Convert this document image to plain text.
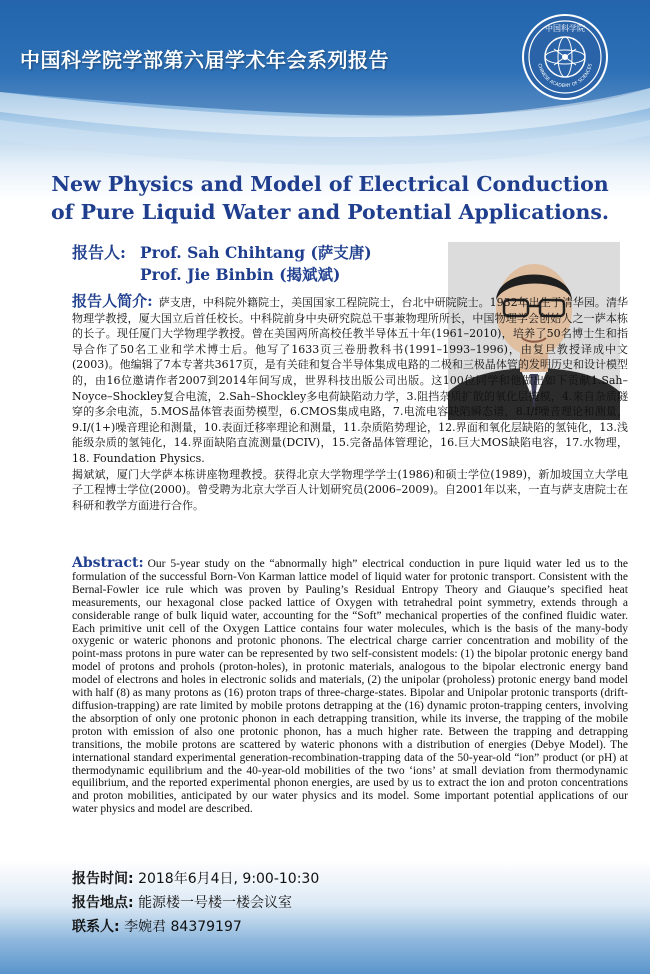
中国科学院学部第六届学术年会系列报告
中国科学院
CHINESE ACADEMY OF SCIENCES
New Physics and Model of Electrical Conduction
of Pure Liquid Water and Potential Applications.
报告人: Prof. Sah Chihtang (萨支唐)
Prof. Jie Binbin (揭斌斌)

报告人简介: 萨支唐，中科院外籍院士，美国国家工程院院士，台北中研院院士。1932年出生于清华园。清华物理学教授，厦大国立后首任校长。中科院前身中央研究院总干事兼物理所所长，中国物理学会创始人之一萨本栋的长子。现任厦门大学物理学教授。曾在美国两所高校任教半导体五十年(1961–2010)，培养了50名博士生和指导合作了50名工业和学术博士后。他写了1633页三卷册教科书(1991–1993–1996)，由复旦教授译成中文(2003)。他编辑了7本专著共3617页，是有关硅和复合半导体集成电路的二极和三极晶体管的发明历史和设计模型的，由16位邀请作者2007到2014年间写成，世界科技出版公司出版。这100位同学和他做出如下贡献1.Sah–Noyce–Shockley复合电流，2.Sah–Shockley多电荷缺陷动力学，3.阻挡杂质扩散的氧化层掩模，4.来自杂质隧穿的多余电流，5.MOS晶体管表面势模型，6.CMOS集成电路，7.电流电容缺陷瞬态谱，8.I/f噪音理论和测量，9.I/(1+)噪音理论和测量，10.表面迁移率理论和测量，11.杂质陷势理论，12.界面和氧化层缺陷的氢钝化，13.浅能级杂质的氢钝化，14.界面缺陷直流测量(DCIV)，15.完备晶体管理论，16.巨大MOS缺陷电容，17.水物理，18. Foundation Physics.

揭斌斌，厦门大学萨本栋讲座物理教授。获得北京大学物理学学士(1986)和硕士学位(1989)，新加坡国立大学电子工程博士学位(2000)。曾受聘为北京大学百人计划研究员(2006–2009)。自2001年以来，一直与萨支唐院士在科研和教学方面进行合作。

Abstract: Our 5-year study on the “abnormally high” electrical conduction in pure liquid water led us to the formulation of the successful Born-Von Karman lattice model of liquid water for protonic transport. Consistent with the Bernal-Fowler ice rule which was proven by Pauling’s Residual Entropy Theory and Giauque’s specified heat measurements, our hexagonal close packed lattice of Oxygen with tetrahedral point symmetry, extends through a considerable range of bulk liquid water, accounting for the “Soft” mechanical properties of the confined fluidic water. Each primitive unit cell of the Oxygen Lattice contains four water molecules, which is the basis of the many-body oxygenic or wateric phonons and protonic phonons. The electrical charge carrier concentration and mobility of the point-mass protons in pure water can be represented by two self-consistent models: (1) the bipolar protonic energy band model of protons and prohols (proton-holes), in protonic materials, analogous to the bipolar electronic energy band model of electrons and holes in electronic solids and materials, (2) the unipolar (proholess) protonic energy band model with half (8) as many protons as (16) proton traps of three-charge-states. Bipolar and Unipolar protonic transports (drift-diffusion-trapping) are rate limited by mobile protons detrapping at the (16) dynamic proton-trapping centers, involving the absorption of only one protonic phonon in each detrapping transition, while its inverse, the trapping of the mobile proton with emission of also one protonic phonon, has a much higher rate. Between the trapping and detrapping transitions, the mobile protons are scattered by wateric phonons with a distribution of energies (Debye Model). The international standard experimental generation-recombination-trapping data of the 50-year-old “ion” product (or pH) at thermodynamic equilibrium and the 40-year-old mobilities of the two ‘ions’ at small deviation from thermodynamic equilibrium, and the reported experimental phonon energies, are used by us to extract the ion and proton concentrations and proton mobilities, anticipated by our water physics and its model. Some important potential applications of our water physics and model are described.
报告时间: 2018年6月4日, 9:00-10:30
报告地点: 能源楼一号楼一楼会议室
联系人: 李婉君 84379197
